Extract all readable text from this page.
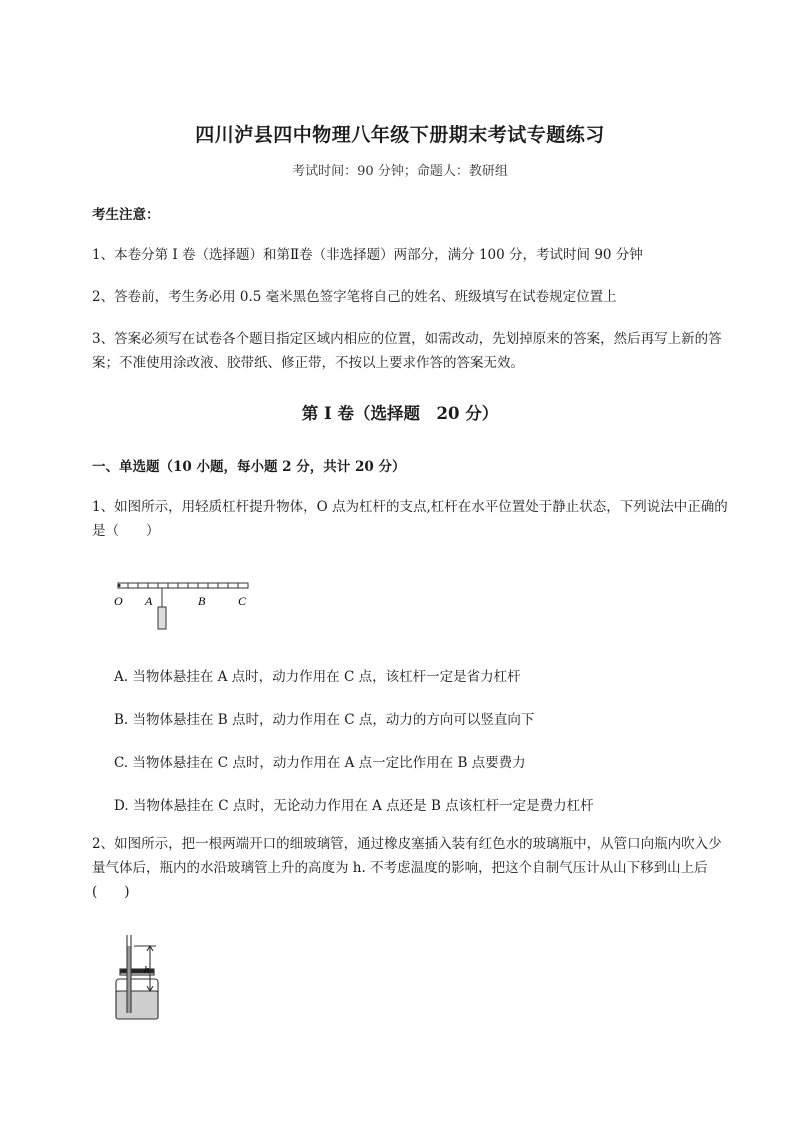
四川泸县四中物理八年级下册期末考试专题练习
考试时间：90 分钟；命题人：教研组
考生注意：
1、本卷分第 I 卷（选择题）和第Ⅱ卷（非选择题）两部分，满分 100 分，考试时间 90 分钟
2、答卷前，考生务必用 0.5 毫米黑色签字笔将自己的姓名、班级填写在试卷规定位置上
3、答案必须写在试卷各个题目指定区域内相应的位置，如需改动，先划掉原来的答案，然后再写上新的答案；不准使用涂改液、胶带纸、修正带，不按以上要求作答的答案无效。
第 I 卷（选择题　20 分）
一、单选题（10 小题，每小题 2 分，共计 20 分）
1、如图所示，用轻质杠杆提升物体，O 点为杠杆的支点,杠杆在水平位置处于静止状态，下列说法中正确的是（　　）
O A	B	C
A. 当物体悬挂在 A 点时，动力作用在 C 点，该杠杆一定是省力杠杆
B. 当物体悬挂在 B 点时，动力作用在 C 点，动力的方向可以竖直向下
C. 当物体悬挂在 C 点时，动力作用在 A 点一定比作用在 B 点要费力
D. 当物体悬挂在 C 点时，无论动力作用在 A 点还是 B 点该杠杆一定是费力杠杆
2、如图所示，把一根两端开口的细玻璃管，通过橡皮塞插入装有红色水的玻璃瓶中，从管口向瓶内吹入少量气体后，瓶内的水沿玻璃管上升的高度为 h. 不考虑温度的影响，把这个自制气压计从山下移到山上后(　　)
h
